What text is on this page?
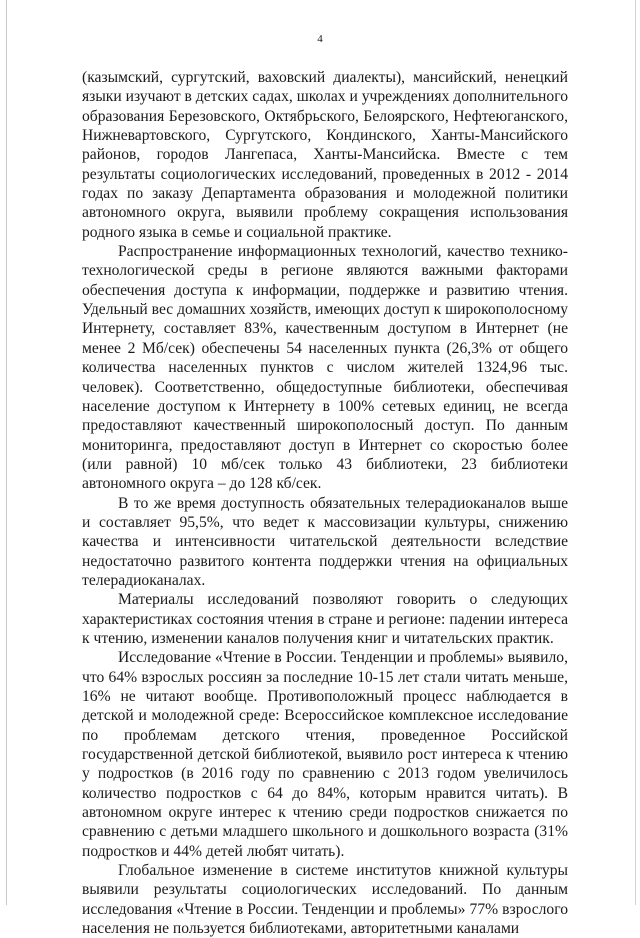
4

(казымский, сургутский, ваховский диалекты), мансийский, ненецкий языки изучают в детских садах, школах и учреждениях дополнительного образования Березовского, Октябрьского, Белоярского, Нефтеюганского, Нижневартовского, Сургутского, Кондинского, Ханты-Мансийского районов, городов Лангепаса, Ханты-Мансийска. Вместе с тем результаты социологических исследований, проведенных в 2012 - 2014 годах по заказу Департамента образования и молодежной политики автономного округа, выявили проблему сокращения использования родного языка в семье и социальной практике.

Распространение информационных технологий, качество технико-технологической среды в регионе являются важными факторами обеспечения доступа к информации, поддержке и развитию чтения. Удельный вес домашних хозяйств, имеющих доступ к широкополосному Интернету, составляет 83%, качественным доступом в Интернет (не менее 2 Мб/сек) обеспечены 54 населенных пункта (26,3% от общего количества населенных пунктов с числом жителей 1324,96 тыс. человек). Соответственно, общедоступные библиотеки, обеспечивая население доступом к Интернету в 100% сетевых единиц, не всегда предоставляют качественный широкополосный доступ. По данным мониторинга, предоставляют доступ в Интернет со скоростью более (или равной) 10 мб/сек только 43 библиотеки, 23 библиотеки автономного округа – до 128 кб/сек.

В то же время доступность обязательных телерадиоканалов выше и составляет 95,5%, что ведет к массовизации культуры, снижению качества и интенсивности читательской деятельности вследствие недостаточно развитого контента поддержки чтения на официальных телерадиоканалах.

Материалы исследований позволяют говорить о следующих характеристиках состояния чтения в стране и регионе: падении интереса к чтению, изменении каналов получения книг и читательских практик.

Исследование «Чтение в России. Тенденции и проблемы» выявило, что 64% взрослых россиян за последние 10-15 лет стали читать меньше, 16% не читают вообще. Противоположный процесс наблюдается в детской и молодежной среде: Всероссийское комплексное исследование по проблемам детского чтения, проведенное Российской государственной детской библиотекой, выявило рост интереса к чтению у подростков (в 2016 году по сравнению с 2013 годом увеличилось количество подростков с 64 до 84%, которым нравится читать). В автономном округе интерес к чтению среди подростков снижается по сравнению с детьми младшего школьного и дошкольного возраста (31% подростков и 44% детей любят читать).

Глобальное изменение в системе институтов книжной культуры выявили результаты социологических исследований. По данным исследования «Чтение в России. Тенденции и проблемы» 77% взрослого населения не пользуется библиотеками, авторитетными каналами
